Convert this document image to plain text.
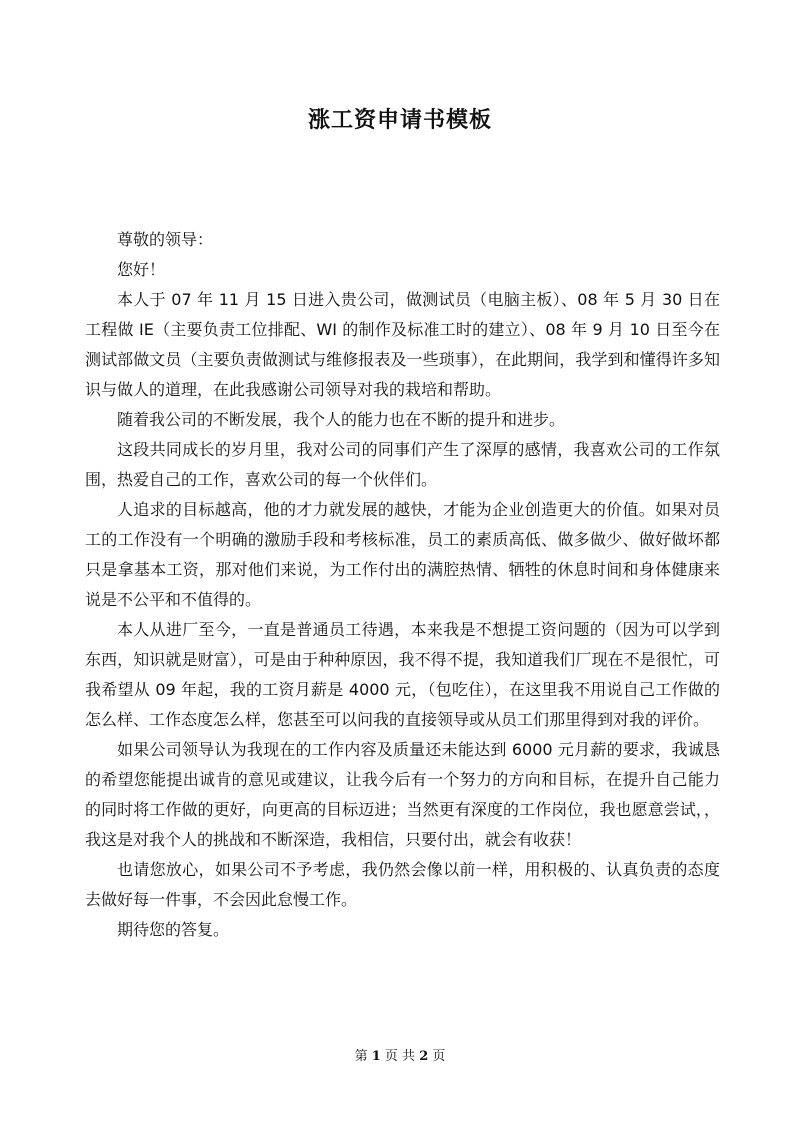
涨工资申请书模板

尊敬的领导：

您好！

本人于 07 年 11 月 15 日进入贵公司，做测试员（电脑主板）、08 年 5 月 30 日在工程做 IE（主要负责工位排配、WI 的制作及标准工时的建立）、08 年 9 月 10 日至今在测试部做文员（主要负责做测试与维修报表及一些琐事），在此期间，我学到和懂得许多知识与做人的道理，在此我感谢公司领导对我的栽培和帮助。

随着我公司的不断发展，我个人的能力也在不断的提升和进步。

这段共同成长的岁月里，我对公司的同事们产生了深厚的感情，我喜欢公司的工作氛围，热爱自己的工作，喜欢公司的每一个伙伴们。

人追求的目标越高，他的才力就发展的越快，才能为企业创造更大的价值。如果对员工的工作没有一个明确的激励手段和考核标准，员工的素质高低、做多做少、做好做坏都只是拿基本工资，那对他们来说，为工作付出的满腔热情、牺牲的休息时间和身体健康来说是不公平和不值得的。

本人从进厂至今，一直是普通员工待遇，本来我是不想提工资问题的（因为可以学到东西，知识就是财富），可是由于种种原因，我不得不提，我知道我们厂现在不是很忙，可我希望从 09 年起，我的工资月薪是 4000 元，（包吃住），在这里我不用说自己工作做的怎么样、工作态度怎么样，您甚至可以问我的直接领导或从员工们那里得到对我的评价。

如果公司领导认为我现在的工作内容及质量还未能达到 6000 元月薪的要求，我诚恳的希望您能提出诚肯的意见或建议，让我今后有一个努力的方向和目标，在提升自己能力的同时将工作做的更好，向更高的目标迈进；当然更有深度的工作岗位，我也愿意尝试，，我这是对我个人的挑战和不断深造，我相信，只要付出，就会有收获！

也请您放心，如果公司不予考虑，我仍然会像以前一样，用积极的、认真负责的态度去做好每一件事，不会因此怠慢工作。

期待您的答复。

第 1 页 共 2 页
